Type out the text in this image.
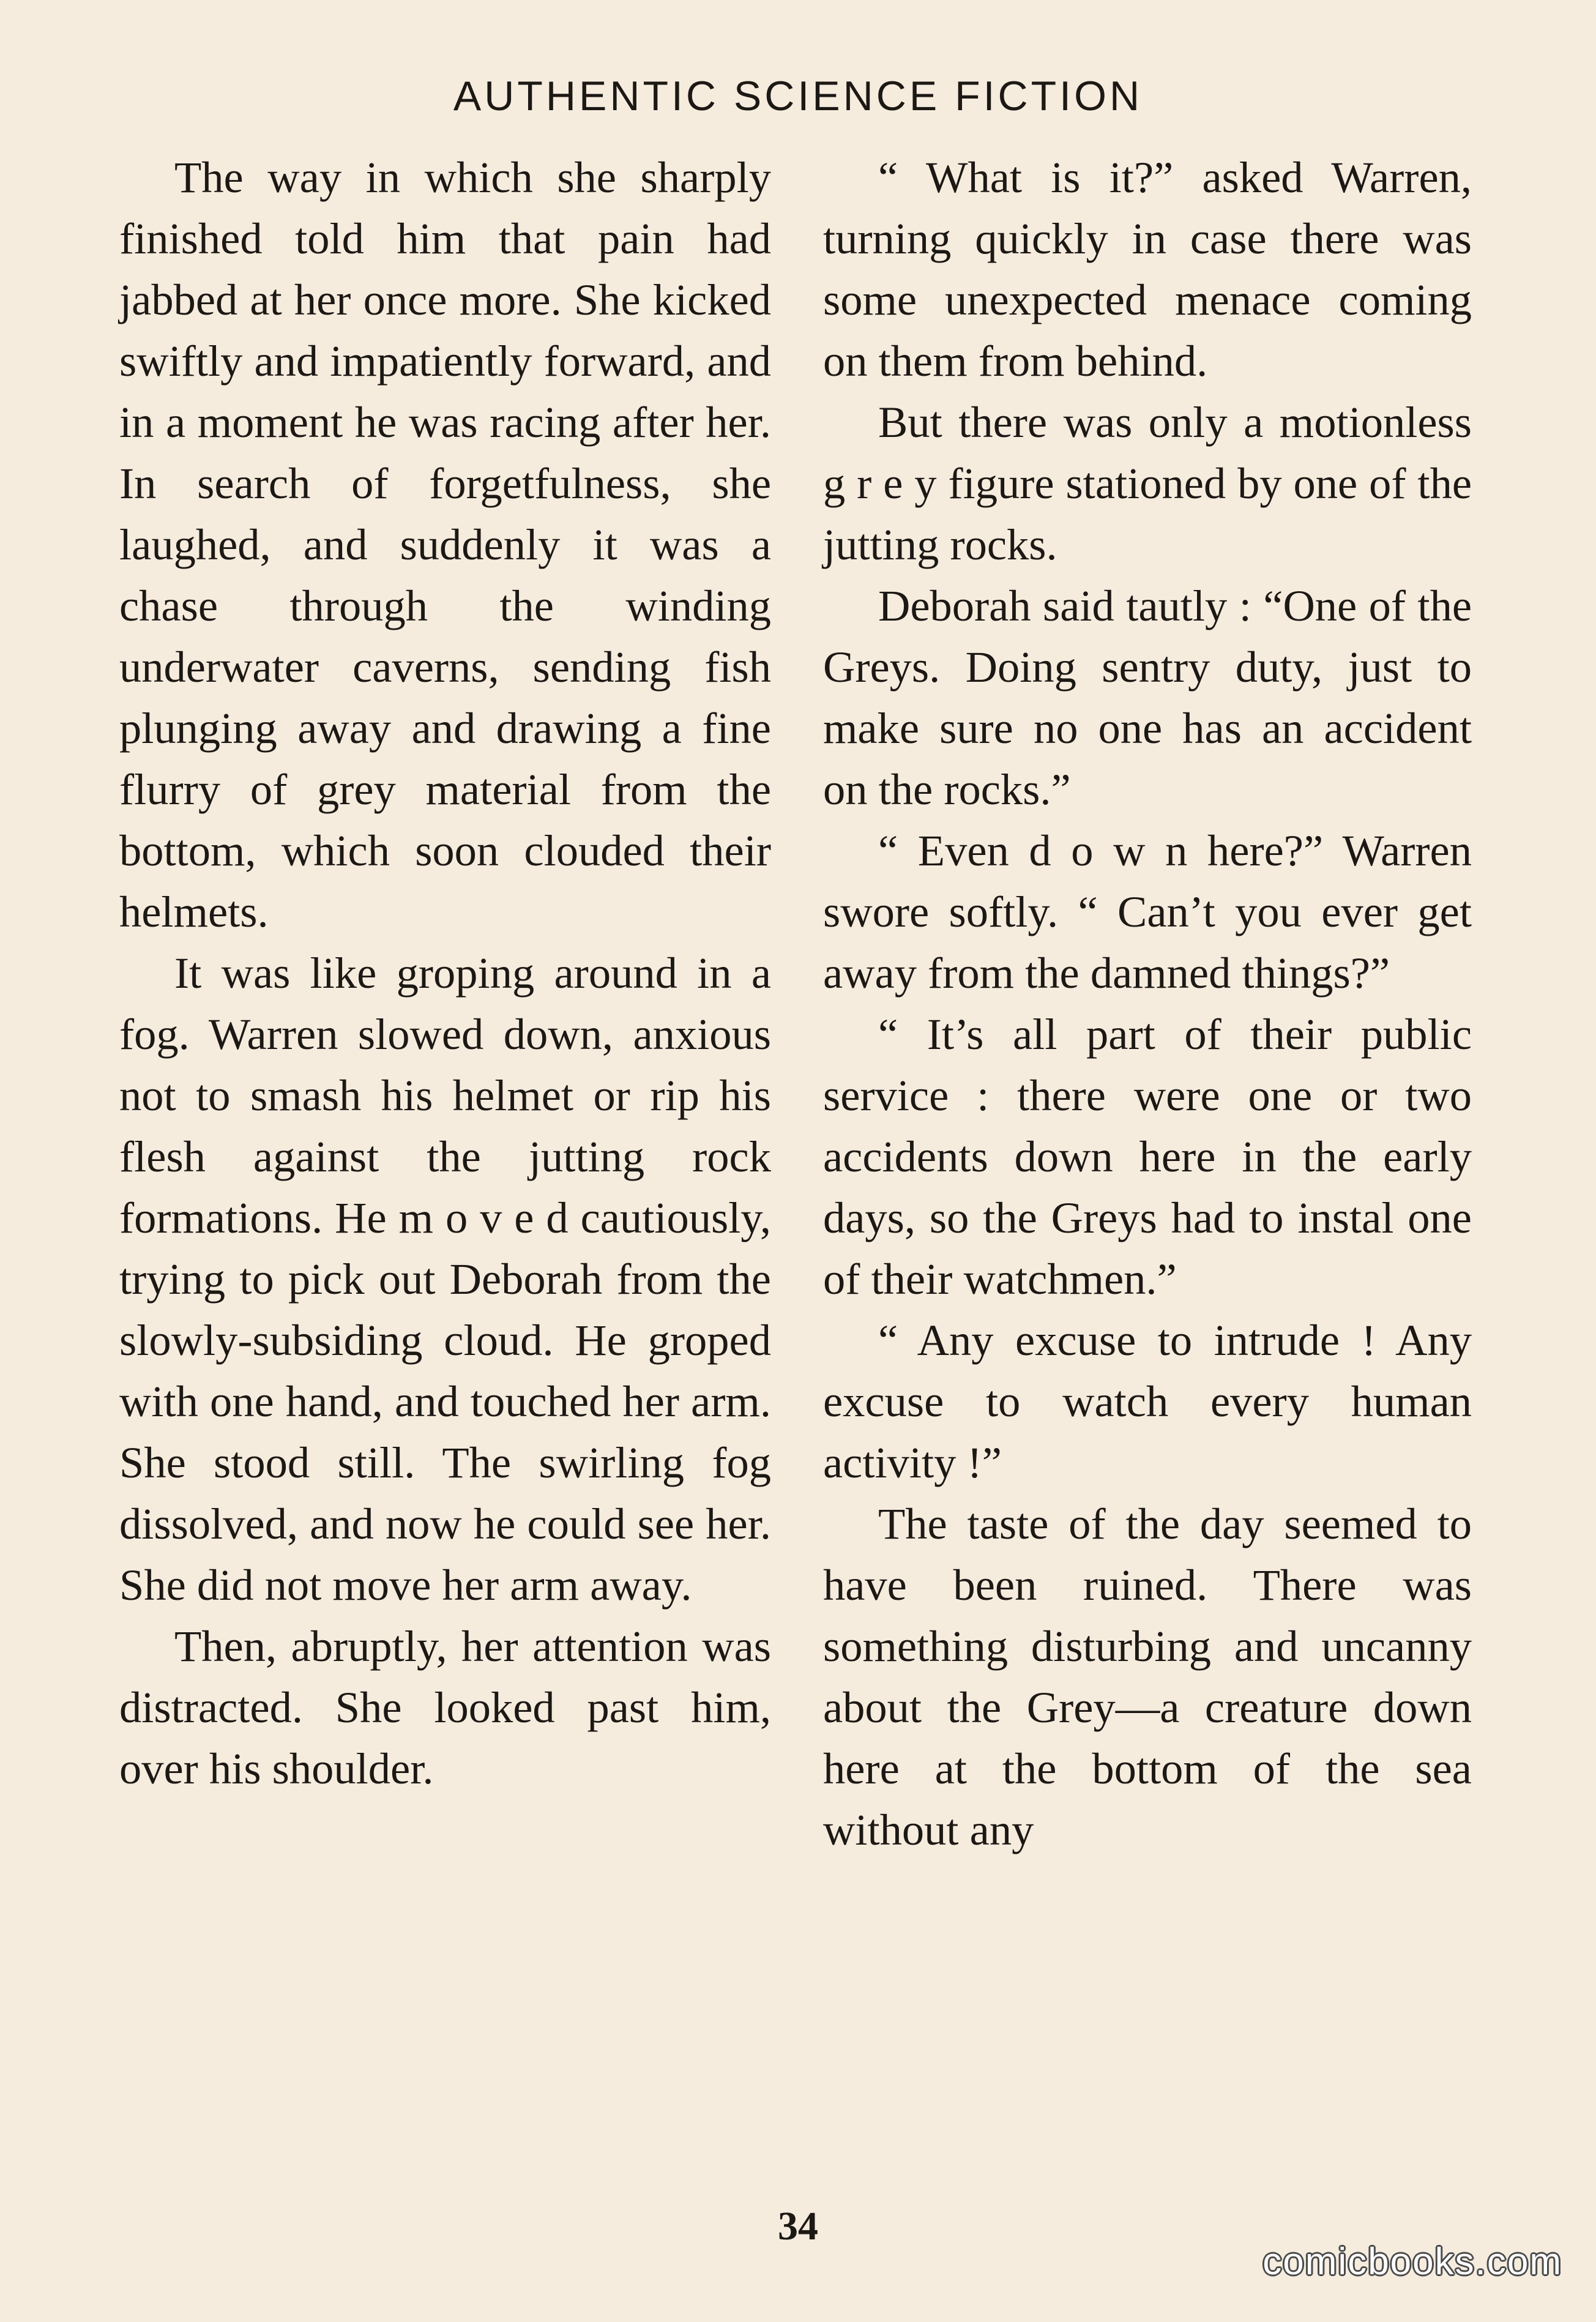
AUTHENTIC SCIENCE FICTION

The way in which she sharply finished told him that pain had jabbed at her once more. She kicked swiftly and impatiently forward, and in a moment he was racing after her. In search of forgetfulness, she laughed, and suddenly it was a chase through the winding underwater caverns, sending fish plunging away and drawing a fine flurry of grey material from the bottom, which soon clouded their helmets.

It was like groping around in a fog. Warren slowed down, anxious not to smash his helmet or rip his flesh against the jutting rock formations. He m o v e d cautiously, trying to pick out Deborah from the slowly-subsiding cloud. He groped with one hand, and touched her arm. She stood still. The swirling fog dissolved, and now he could see her. She did not move her arm away.

Then, abruptly, her attention was distracted. She looked past him, over his shoulder.

“ What is it?” asked Warren, turning quickly in case there was some unexpected menace coming on them from behind.

But there was only a motionless g r e y figure stationed by one of the jutting rocks.

Deborah said tautly : “One of the Greys. Doing sentry duty, just to make sure no one has an accident on the rocks.”

“ Even d o w n here?” Warren swore softly. “ Can’t you ever get away from the damned things?”

“ It’s all part of their public service : there were one or two accidents down here in the early days, so the Greys had to instal one of their watchmen.”

“ Any excuse to intrude ! Any excuse to watch every human activity !”

The taste of the day seemed to have been ruined. There was something disturbing and uncanny about the Grey—a creature down here at the bottom of the sea without any

34
comicbooks.com
